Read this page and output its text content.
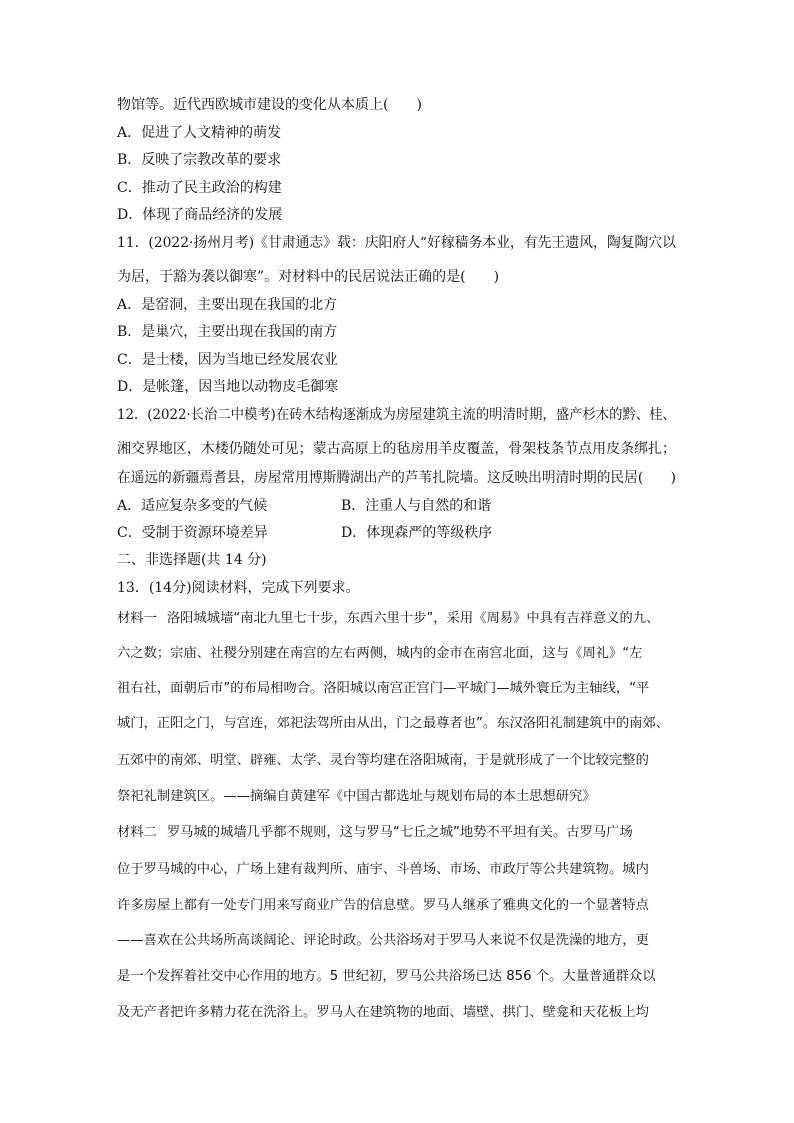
物馆等。近代西欧城市建设的变化从本质上(　　)
A．促进了人文精神的萌发
B．反映了宗教改革的要求
C．推动了民主政治的构建
D．体现了商品经济的发展
11．(2022·扬州月考)《甘肃通志》载：庆阳府人“好稼穑务本业，有先王遗风，陶复陶穴以
为居，于豁为袭以御寒”。对材料中的民居说法正确的是(　　)
A．是窑洞，主要出现在我国的北方
B．是巢穴，主要出现在我国的南方
C．是土楼，因为当地已经发展农业
D．是帐篷，因当地以动物皮毛御寒
12．(2022·长治二中模考)在砖木结构逐渐成为房屋建筑主流的明清时期，盛产杉木的黔、桂、
湘交界地区，木楼仍随处可见；蒙古高原上的毡房用羊皮覆盖，骨架枝条节点用皮条绑扎；
在遥远的新疆焉耆县，房屋常用博斯腾湖出产的芦苇扎院墙。这反映出明清时期的民居(　　)
A．适应复杂多变的气候	B．注重人与自然的和谐
C．受制于资源环境差异	D．体现森严的等级秩序
二、非选择题(共 14 分)
13．(14分)阅读材料，完成下列要求。
材料一 洛阳城城墙“南北九里七十步，东西六里十步”，采用《周易》中具有吉祥意义的九、
六之数；宗庙、社稷分别建在南宫的左右两侧，城内的金市在南宫北面，这与《周礼》“左
祖右社，面朝后市”的布局相吻合。洛阳城以南宫正宫门—平城门—城外寰丘为主轴线，“平
城门，正阳之门，与宫连，郊祀法驾所由从出，门之最尊者也”。东汉洛阳礼制建筑中的南郊、
五郊中的南郊、明堂、辟雍、太学、灵台等均建在洛阳城南，于是就形成了一个比较完整的
祭祀礼制建筑区。——摘编自黄建军《中国古都选址与规划布局的本土思想研究》
材料二 罗马城的城墙几乎都不规则，这与罗马“七丘之城”地势不平坦有关。古罗马广场
位于罗马城的中心，广场上建有裁判所、庙宇、斗兽场、市场、市政厅等公共建筑物。城内
许多房屋上都有一处专门用来写商业广告的信息壁。罗马人继承了雅典文化的一个显著特点
——喜欢在公共场所高谈阔论、评论时政。公共浴场对于罗马人来说不仅是洗澡的地方，更
是一个发挥着社交中心作用的地方。5 世纪初，罗马公共浴场已达 856 个。大量普通群众以
及无产者把许多精力花在洗浴上。罗马人在建筑物的地面、墙壁、拱门、壁龛和天花板上均
